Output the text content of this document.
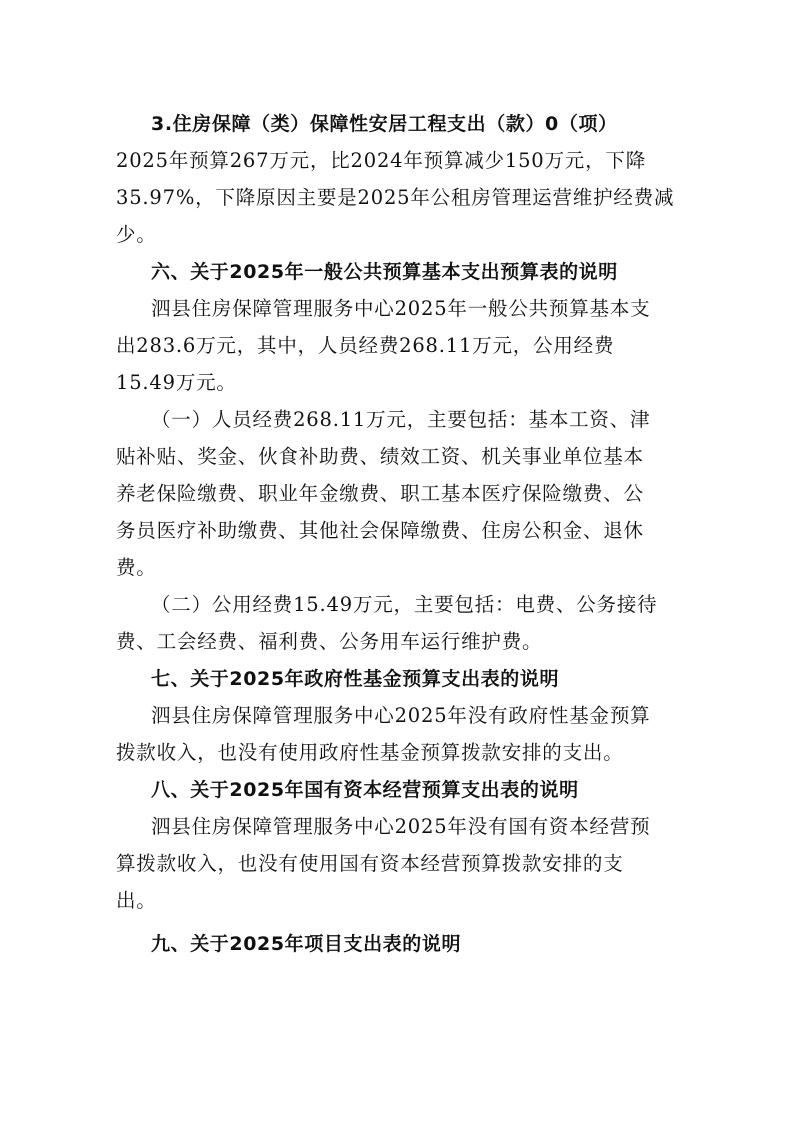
3.住房保障（类）保障性安居工程支出（款）0（项）
2025年预算267万元，比2024年预算减少150万元，下降
35.97%，下降原因主要是2025年公租房管理运营维护经费减
少。
六、关于2025年一般公共预算基本支出预算表的说明
泗县住房保障管理服务中心2025年一般公共预算基本支
出283.6万元，其中，人员经费268.11万元，公用经费
15.49万元。
（一）人员经费268.11万元，主要包括：基本工资、津
贴补贴、奖金、伙食补助费、绩效工资、机关事业单位基本
养老保险缴费、职业年金缴费、职工基本医疗保险缴费、公
务员医疗补助缴费、其他社会保障缴费、住房公积金、退休
费。
（二）公用经费15.49万元，主要包括：电费、公务接待
费、工会经费、福利费、公务用车运行维护费。
七、关于2025年政府性基金预算支出表的说明
泗县住房保障管理服务中心2025年没有政府性基金预算
拨款收入，也没有使用政府性基金预算拨款安排的支出。
八、关于2025年国有资本经营预算支出表的说明
泗县住房保障管理服务中心2025年没有国有资本经营预
算拨款收入，也没有使用国有资本经营预算拨款安排的支
出。
九、关于2025年项目支出表的说明
